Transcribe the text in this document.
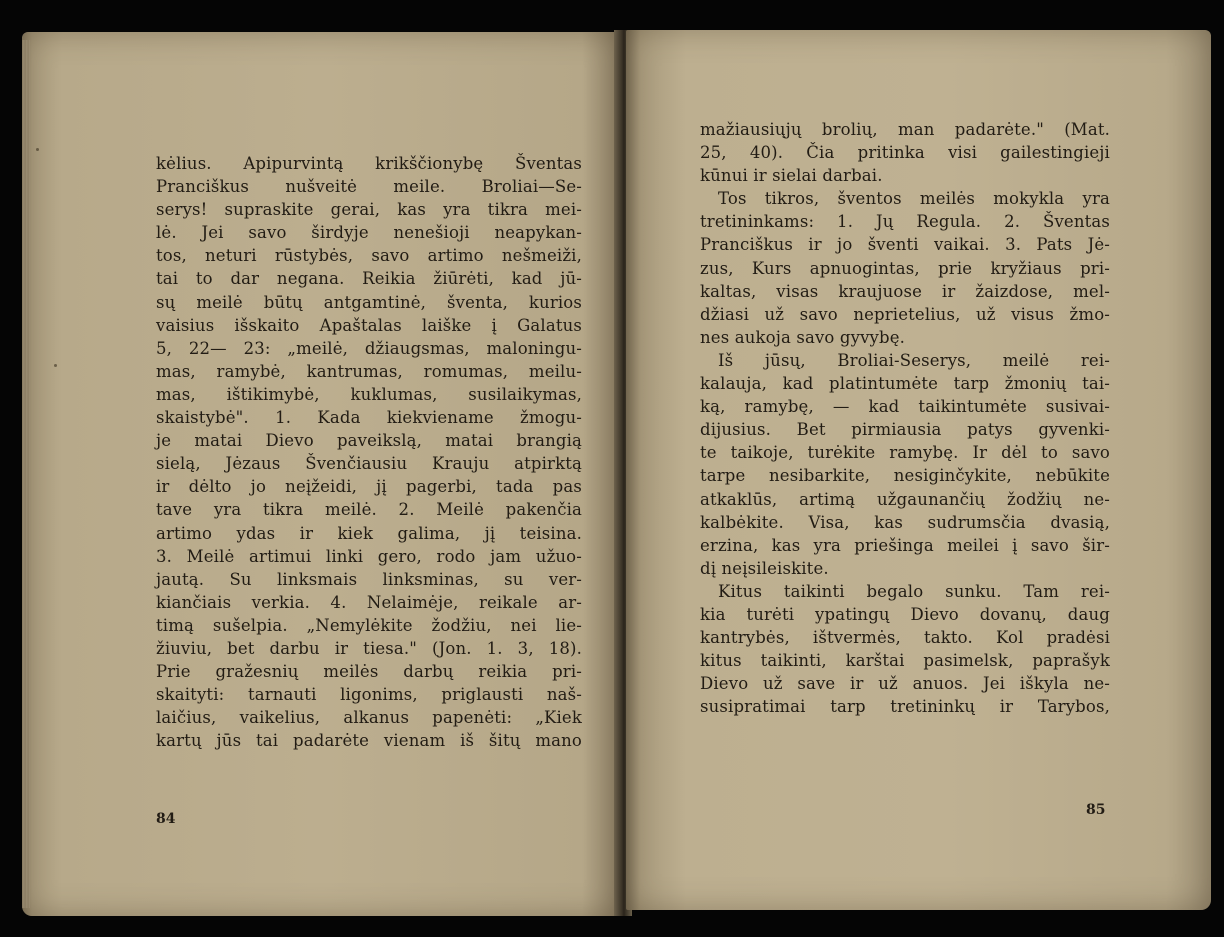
kėlius. Apipurvintą krikščionybę Šventas
Pranciškus nušveitė meile. Broliai—Se-
serys! supraskite gerai, kas yra tikra mei-
lė. Jei savo širdyje nenešioji neapykan-
tos, neturi rūstybės, savo artimo nešmeiži,
tai to dar negana. Reikia žiūrėti, kad jū-
sų meilė būtų antgamtinė, šventa, kurios
vaisius išskaito Apaštalas laiške į Galatus
5, 22— 23: „meilė, džiaugsmas, maloningu-
mas, ramybė, kantrumas, romumas, meilu-
mas, ištikimybė, kuklumas, susilaikymas,
skaistybė". 1. Kada kiekviename žmogu-
je matai Dievo paveikslą, matai brangią
sielą, Jėzaus Švenčiausiu Krauju atpirktą
ir dėlto jo neįžeidi, jį pagerbi, tada pas
tave yra tikra meilė. 2. Meilė pakenčia
artimo ydas ir kiek galima, jį teisina.
3. Meilė artimui linki gero, rodo jam užuo-
jautą. Su linksmais linksminas, su ver-
kiančiais verkia. 4. Nelaimėje, reikale ar-
timą sušelpia. „Nemylėkite žodžiu, nei lie-
žiuviu, bet darbu ir tiesa." (Jon. 1. 3, 18).
Prie gražesnių meilės darbų reikia pri-
skaityti: tarnauti ligonims, priglausti naš-
laičius, vaikelius, alkanus papenėti: „Kiek
kartų jūs tai padarėte vienam iš šitų mano
84
mažiausiųjų brolių, man padarėte." (Mat.
25, 40). Čia pritinka visi gailestingieji
kūnui ir sielai darbai.
Tos tikros, šventos meilės mokykla yra
tretininkams: 1. Jų Regula. 2. Šventas
Pranciškus ir jo šventi vaikai. 3. Pats Jė-
zus, Kurs apnuogintas, prie kryžiaus pri-
kaltas, visas kraujuose ir žaizdose, mel-
džiasi už savo neprietelius, už visus žmo-
nes aukoja savo gyvybę.
Iš jūsų, Broliai-Seserys, meilė rei-
kalauja, kad platintumėte tarp žmonių tai-
ką, ramybę, — kad taikintumėte susivai-
dijusius. Bet pirmiausia patys gyvenki-
te taikoje, turėkite ramybę. Ir dėl to savo
tarpe nesibarkite, nesiginčykite, nebūkite
atkaklūs, artimą užgaunančių žodžių ne-
kalbėkite. Visa, kas sudrumsčia dvasią,
erzina, kas yra priešinga meilei į savo šir-
dį neįsileiskite.
Kitus taikinti begalo sunku. Tam rei-
kia turėti ypatingų Dievo dovanų, daug
kantrybės, ištvermės, takto. Kol pradėsi
kitus taikinti, karštai pasimelsk, paprašyk
Dievo už save ir už anuos. Jei iškyla ne-
susipratimai tarp tretininkų ir Tarybos,
85
